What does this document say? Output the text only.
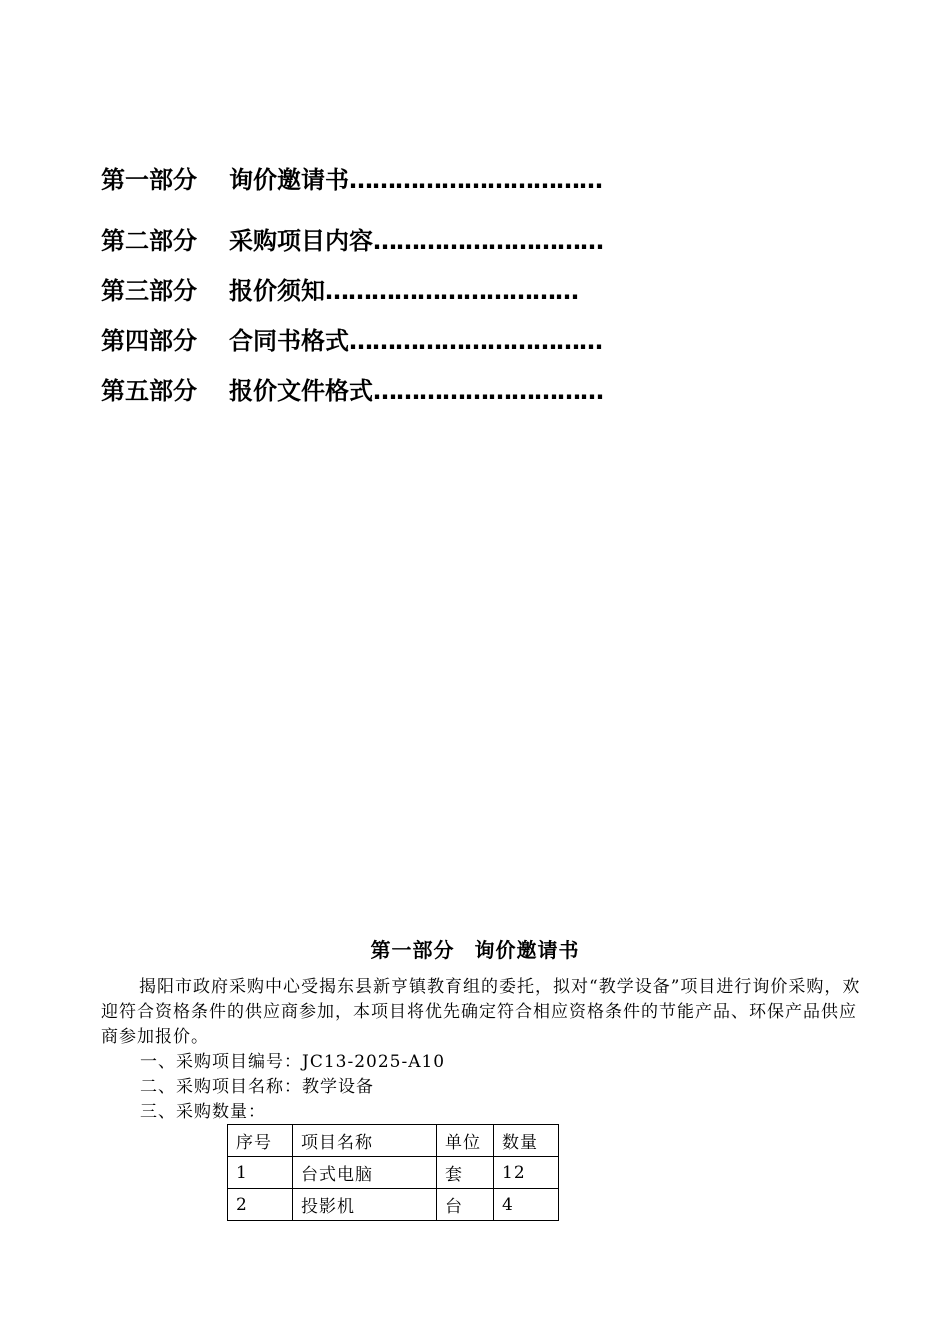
第一部分 询价邀请书……………………………
第二部分 采购项目内容…………………………
第三部分 报价须知……………………………
第四部分 合同书格式……………………………
第五部分 报价文件格式…………………………
第一部分 询价邀请书

揭阳市政府采购中心受揭东县新亨镇教育组的委托，拟对“教学设备”项目进行询价采购，欢迎符合资格条件的供应商参加，本项目将优先确定符合相应资格条件的节能产品、环保产品供应商参加报价。

一、采购项目编号：JC13-2025-A10
二、采购项目名称：教学设备
三、采购数量：
序号	项目名称	单位	数量
1	台式电脑	套	12
2	投影机	台	4
